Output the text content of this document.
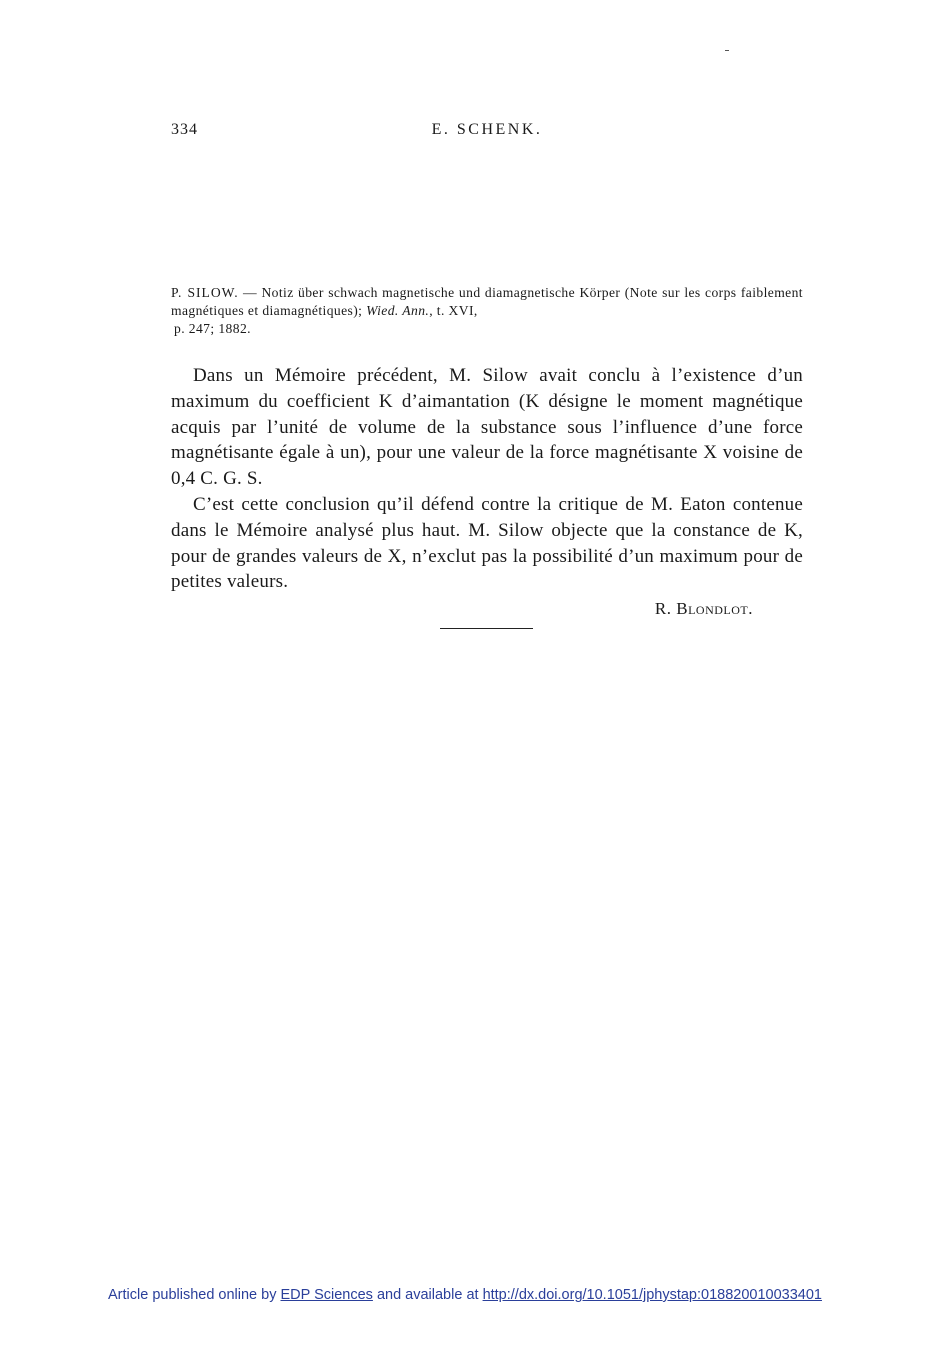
334	E. SCHENK.
P. SILOW. — Notiz über schwach magnetische und diamagnetische Körper (Note sur les corps faiblement magnétiques et diamagnétiques); Wied. Ann., t. XVI,
p. 247; 1882.

Dans un Mémoire précédent, M. Silow avait conclu à l’existence d’un maximum du coefficient K d’aimantation (K désigne le moment magnétique acquis par l’unité de volume de la substance sous l’influence d’une force magnétisante égale à un), pour une valeur de la force magnétisante X voisine de 0,4 C. G. S.

C’est cette conclusion qu’il défend contre la critique de M. Eaton contenue dans le Mémoire analysé plus haut. M. Silow objecte que la constance de K, pour de grandes valeurs de X, n’exclut pas la possibilité d’un maximum pour de petites valeurs.

R. Blondlot.
Article published online by EDP Sciences and available at http://dx.doi.org/10.1051/jphystap:018820010033401
